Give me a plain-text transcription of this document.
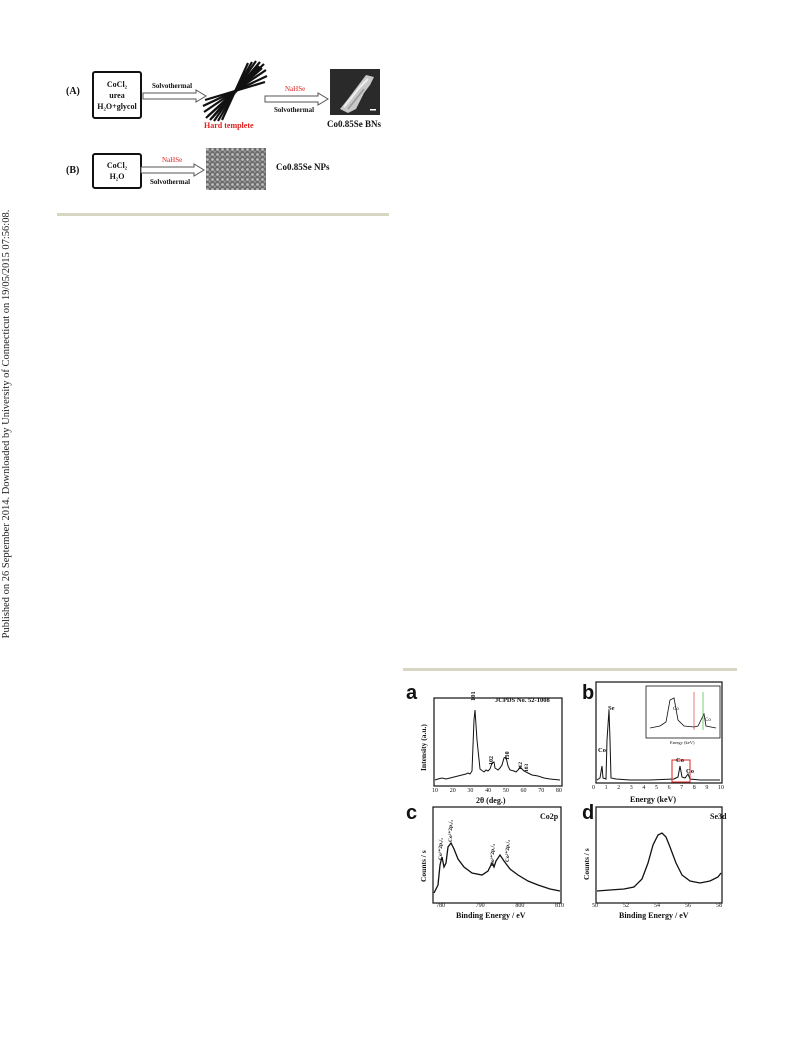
Published on 26 September 2014. Downloaded by University of Connecticut on 19/05/2015 07:56:08.
(A)
CoCl₂
urea
H₂O+glycol
Solvothermal
Hard templete
NaHSe
Solvothermal
Co0.85Se BNs
(B)	CoCl₂
H₂O
NaHSe
Solvothermal
Co0.85Se NPs
a	JCPDS No. 52-1008
101
102
110
112 103
Intensity (a.u.)
10 20 30 40 50 60 70 80
2θ (deg.)
b
Co
Se
Co
Co
Co
Co
Energy (keV)
0 1 2 3 4 5 6 7 8 9 10
Energy (keV)
c	Co2p
Co³⁺2p₃/₂
Co²⁺2p₃/₂
Co³⁺2p₁/₂ Co²⁺2p₁/₂
Counts / s
780	790	800	810
Binding Energy / eV
d	Se3d
Counts / s
50	52	54	56	58
Binding Energy / eV
